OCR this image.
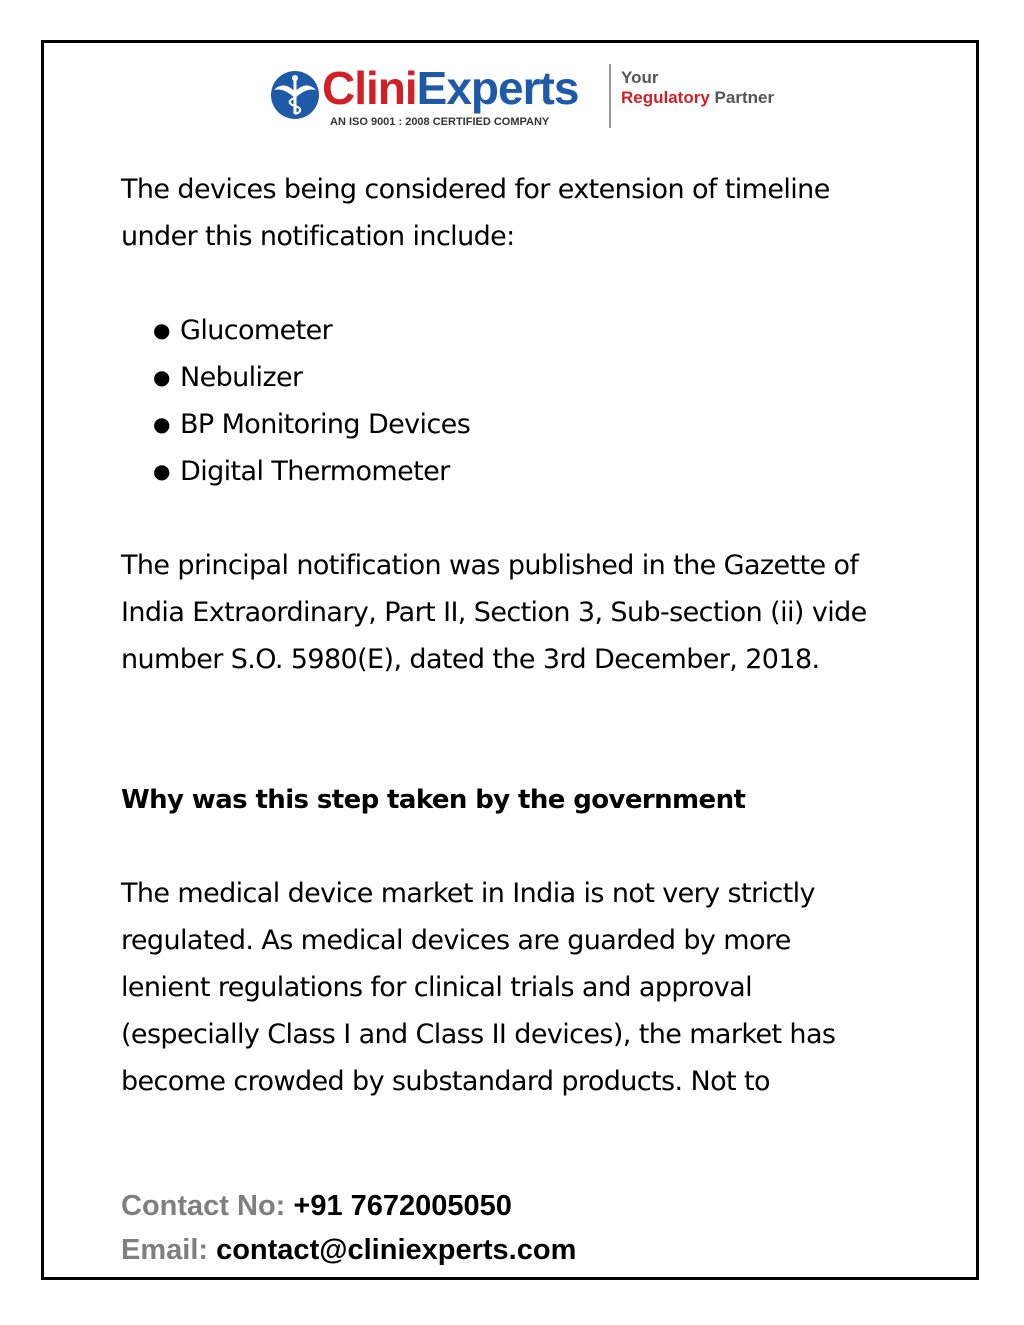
CliniExperts
AN ISO 9001 : 2008 CERTIFIED COMPANY
Your
Regulatory Partner

The devices being considered for extension of timeline under this notification include:

● Glucometer
● Nebulizer
● BP Monitoring Devices
● Digital Thermometer

The principal notification was published in the Gazette of India Extraordinary, Part II, Section 3, Sub-section (ii) vide number S.O. 5980(E), dated the 3rd December, 2018.

Why was this step taken by the government

The medical device market in India is not very strictly regulated. As medical devices are guarded by more lenient regulations for clinical trials and approval (especially Class I and Class II devices), the market has become crowded by substandard products. Not to

Contact No: +91 7672005050
Email: contact@cliniexperts.com
